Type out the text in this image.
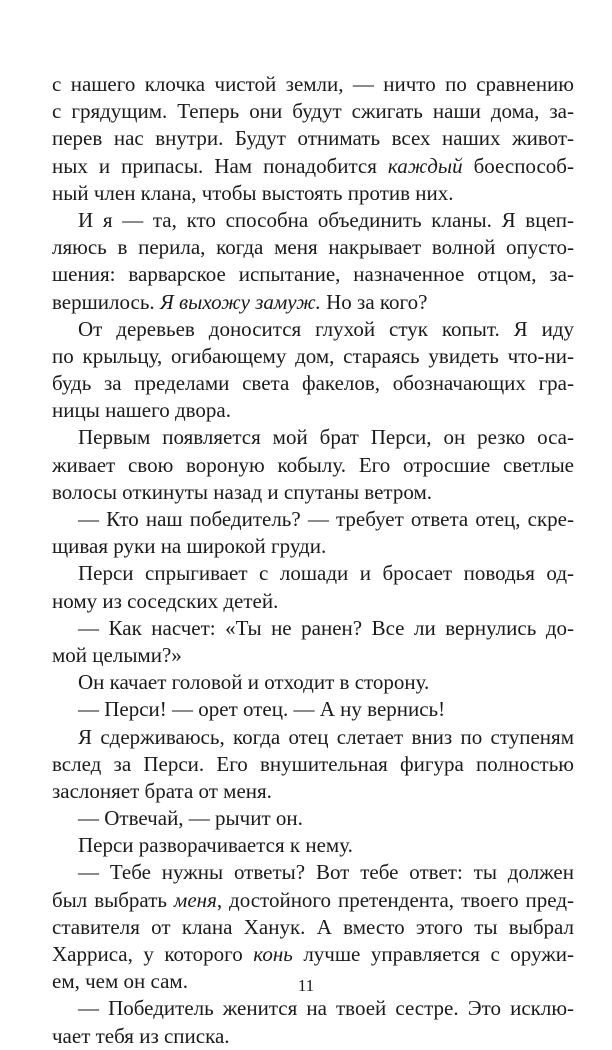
с нашего клочка чистой земли, — ничто по сравнению
с грядущим. Теперь они будут сжигать наши дома, за-
перев нас внутри. Будут отнимать всех наших живот-
ных и припасы. Нам понадобится каждый боеспособ-
ный член клана, чтобы выстоять против них.
И я — та, кто способна объединить кланы. Я вцеп-
ляюсь в перила, когда меня накрывает волной опусто-
шения: варварское испытание, назначенное отцом, за-
вершилось. Я выхожу замуж. Но за кого?
От деревьев доносится глухой стук копыт. Я иду
по крыльцу, огибающему дом, стараясь увидеть что-ни-
будь за пределами света факелов, обозначающих гра-
ницы нашего двора.
Первым появляется мой брат Перси, он резко оса-
живает свою вороную кобылу. Его отросшие светлые
волосы откинуты назад и спутаны ветром.
— Кто наш победитель? — требует ответа отец, скре-
щивая руки на широкой груди.
Перси спрыгивает с лошади и бросает поводья од-
ному из соседских детей.
— Как насчет: «Ты не ранен? Все ли вернулись до-
мой целыми?»
Он качает головой и отходит в сторону.
— Перси! — орет отец. — А ну вернись!
Я сдерживаюсь, когда отец слетает вниз по ступеням
вслед за Перси. Его внушительная фигура полностью
заслоняет брата от меня.
— Отвечай, — рычит он.
Перси разворачивается к нему.
— Тебе нужны ответы? Вот тебе ответ: ты должен
был выбрать меня, достойного претендента, твоего пред-
ставителя от клана Ханук. А вместо этого ты выбрал
Харриса, у которого конь лучше управляется с оружи-
ем, чем он сам.
— Победитель женится на твоей сестре. Это исклю-
чает тебя из списка.
11
